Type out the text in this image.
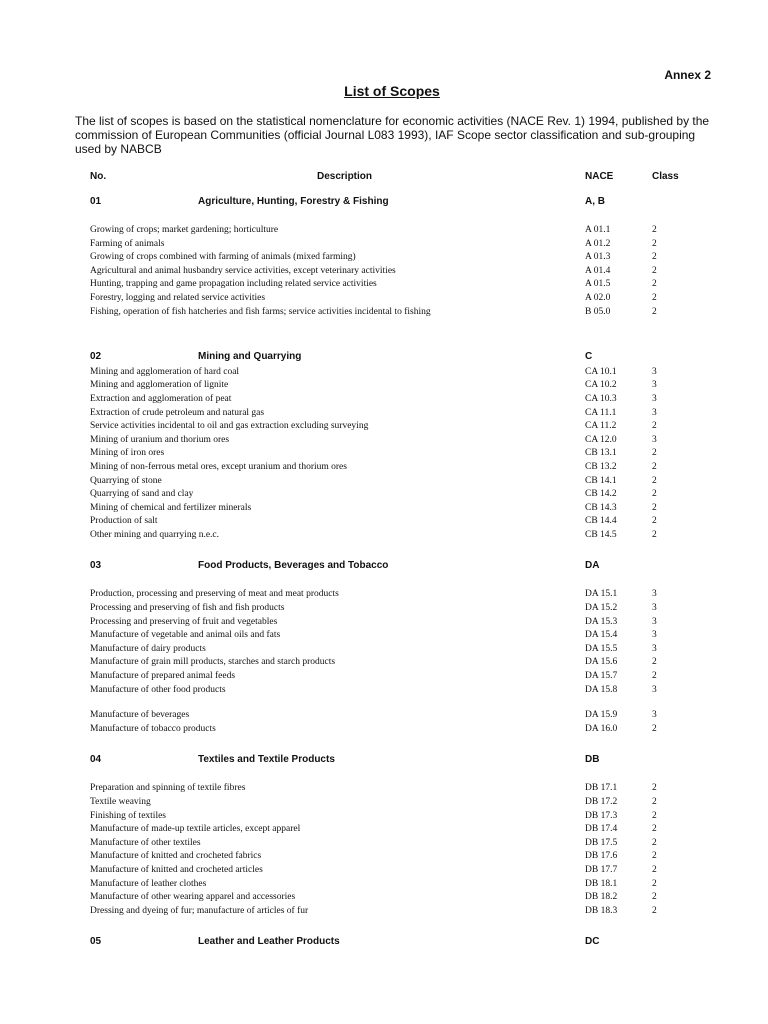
Annex 2
List of Scopes
The list of scopes is based on the statistical nomenclature for economic activities (NACE Rev. 1) 1994, published by the commission of European Communities (official Journal L083 1993), IAF Scope sector classification and sub-grouping used by NABCB
No.	Description	NACE	Class
01	Agriculture, Hunting, Forestry & Fishing	A, B
Growing of crops; market gardening; horticulture	A 01.1	2
Farming of animals	A 01.2	2
Growing of crops combined with farming of animals (mixed farming)	A 01.3	2
Agricultural and animal husbandry service activities, except veterinary activities	A 01.4	2
Hunting, trapping and game propagation including related service activities	A 01.5	2
Forestry, logging and related service activities	A 02.0	2
Fishing, operation of fish hatcheries and fish farms; service activities incidental to fishing	B 05.0	2
02	Mining and Quarrying	C
Mining and agglomeration of hard coal	CA 10.1	3
Mining and agglomeration of lignite	CA 10.2	3
Extraction and agglomeration of peat	CA 10.3	3
Extraction of crude petroleum and natural gas	CA 11.1	3
Service activities incidental to oil and gas extraction excluding surveying	CA 11.2	2
Mining of uranium and thorium ores	CA 12.0	3
Mining of iron ores	CB 13.1	2
Mining of non-ferrous metal ores, except uranium and thorium ores	CB 13.2	2
Quarrying of stone	CB 14.1	2
Quarrying of sand and clay	CB 14.2	2
Mining of chemical and fertilizer minerals	CB 14.3	2
Production of salt	CB 14.4	2
Other mining and quarrying n.e.c.	CB 14.5	2
03	Food Products, Beverages and Tobacco	DA
Production, processing and preserving of meat and meat products	DA 15.1	3
Processing and preserving of fish and fish products	DA 15.2	3
Processing and preserving of fruit and vegetables	DA 15.3	3
Manufacture of vegetable and animal oils and fats	DA 15.4	3
Manufacture of dairy products	DA 15.5	3
Manufacture of grain mill products, starches and starch products	DA 15.6	2
Manufacture of prepared animal feeds	DA 15.7	2
Manufacture of other food products	DA 15.8	3
Manufacture of beverages	DA 15.9	3
Manufacture of tobacco products	DA 16.0	2
04	Textiles and Textile Products	DB
Preparation and spinning of textile fibres	DB 17.1	2
Textile weaving	DB 17.2	2
Finishing of textiles	DB 17.3	2
Manufacture of made-up textile articles, except apparel	DB 17.4	2
Manufacture of other textiles	DB 17.5	2
Manufacture of knitted and crocheted fabrics	DB 17.6	2
Manufacture of knitted and crocheted articles	DB 17.7	2
Manufacture of leather clothes	DB 18.1	2
Manufacture of other wearing apparel and accessories	DB 18.2	2
Dressing and dyeing of fur; manufacture of articles of fur	DB 18.3	2
05	Leather and Leather Products	DC
